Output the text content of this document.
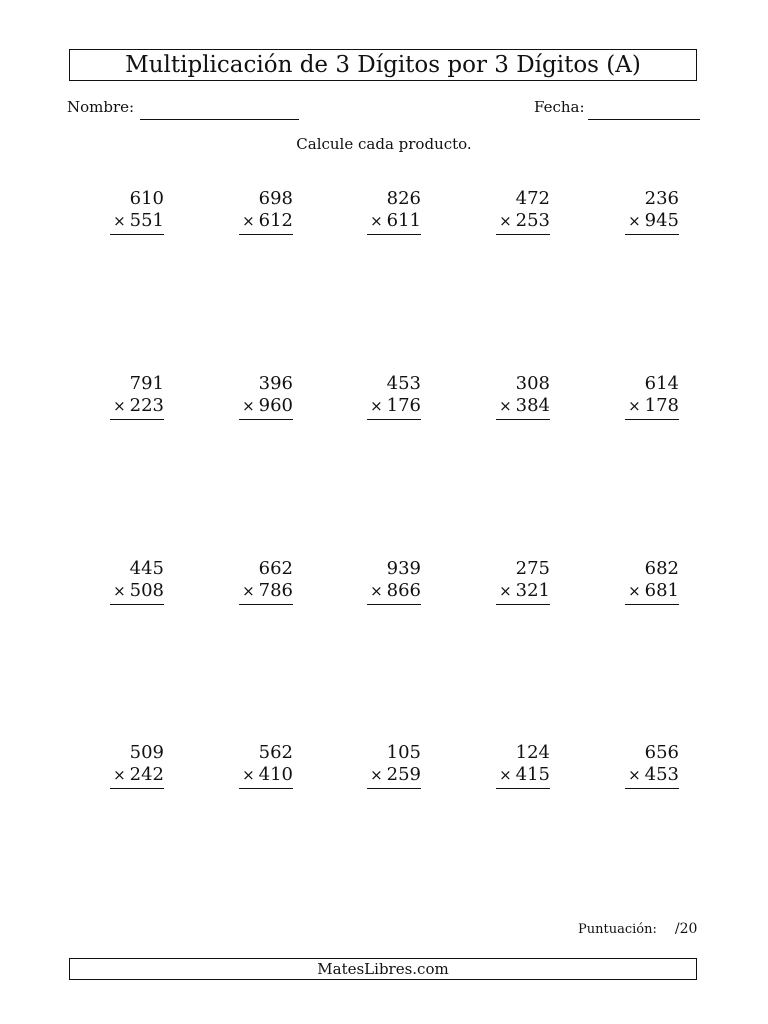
Multiplicación de 3 Dígitos por 3 Dígitos (A)
Nombre:	Fecha:
Calcule cada producto.
610
× 551
698
× 612
826
× 611
472
× 253
236
× 945
791
× 223
396
× 960
453
× 176
308
× 384
614
× 178
445
× 508
662
× 786
939
× 866
275
× 321
682
× 681
509
× 242
562
× 410
105
× 259
124
× 415
656
× 453
Puntuación: /20
MatesLibres.com
